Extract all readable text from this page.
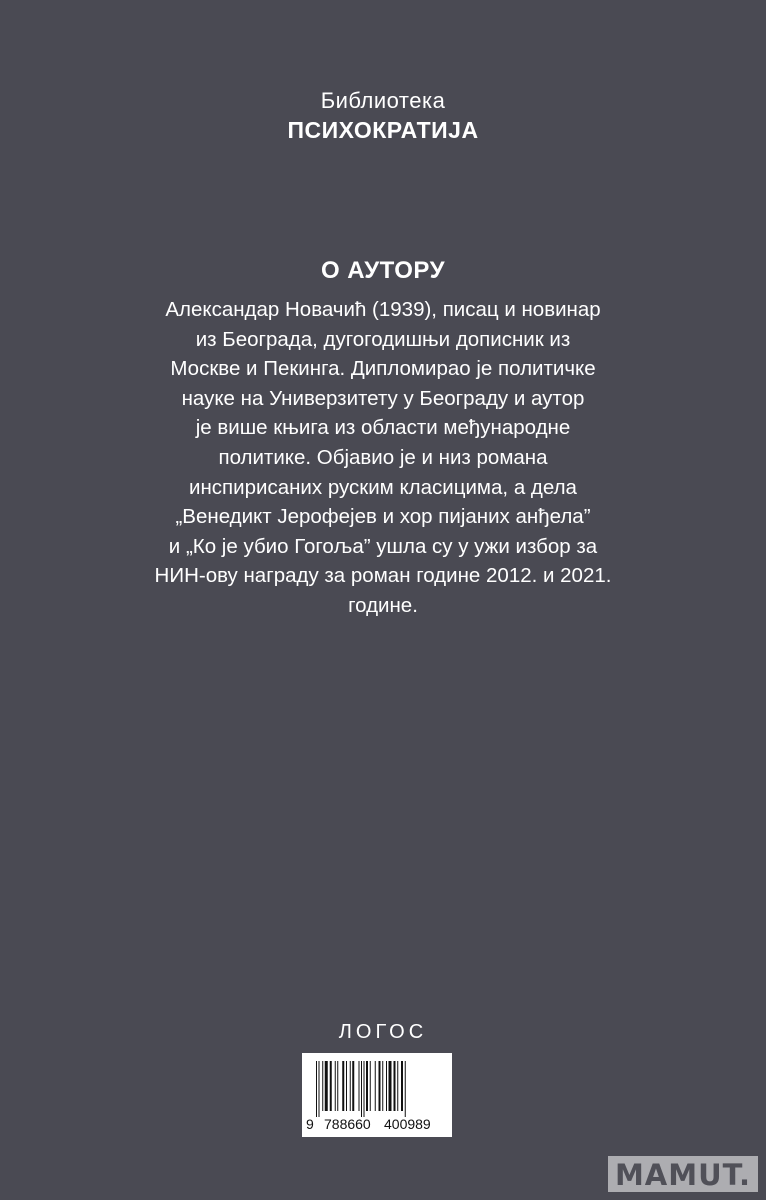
Библиотека
ПСИХОКРАТИЈА
О АУТОРУ
Александар Новачић (1939), писац и новинар
из Београда, дугогодишњи дописник из
Москве и Пекинга. Дипломирао је политичке
науке на Универзитету у Београду и аутор
је више књига из области међународне
политике. Објавио је и низ романа
инспирисаних руским класицима, а дела
„Венедикт Јерофејев и хор пијаних анђела”
и „Ко је убио Гогоља” ушла су у ужи избор за
НИН-ову награду за роман године 2012. и 2021.
године.
ЛОГОС
9 788660 400989
MAMUT.
